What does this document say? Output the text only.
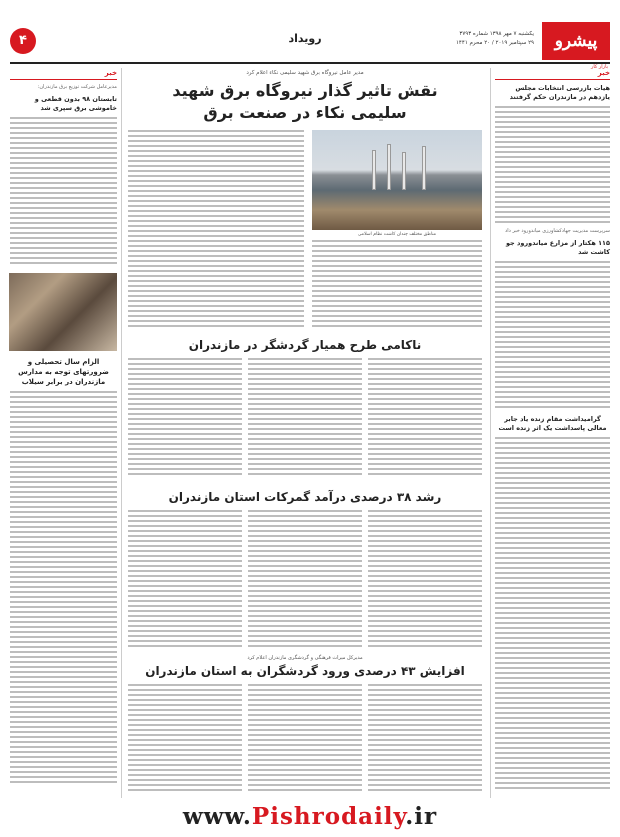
پیشرو
بازار کار
یکشنبه ۷ مهر ۱۳۹۸ شماره ۳۷۹۳
۲۹ سپتامبر ۲۰۱۹ / ۲۰ محرم ۱۴۴۱
رویداد
۴
خبر
هیات بازرسی انتخابات مجلس یازدهم در مازندران حکم گرفتند
سرپرست مدیریت جهادکشاورزی میاندورود خبر داد
۱۱۵ هکتار از مزارع میاندورود جو کاشت شد
گرامیداشت مقام زنده یاد جابر معالی پاسداشت یک اثر زنده است
مدیر عامل نیروگاه برق شهید سلیمی نکاء اعلام کرد
نقش تاثیر گذار نیروگاه برق شهید سلیمی نکاء در صنعت برق
مناطق مختلف چندان کاشت نظام اسلامی
ناکامی طرح همیار گردشگر در مازندران
رشد ۳۸ درصدی درآمد گمرکات استان مازندران
مدیرکل میراث فرهنگی و گردشگری مازندران اعلام کرد
افزایش ۴۳ درصدی ورود گردشگران به استان مازندران
خبر
مدیرعامل شرکت توزیع برق مازندران:
تابستان ۹۸ بدون قطعی و خاموشی برق سپری شد
الزام سال تحصیلی و ضرورتهای توجه به مدارس مازندران در برابر سیلاب
www.Pishrodaily.ir
